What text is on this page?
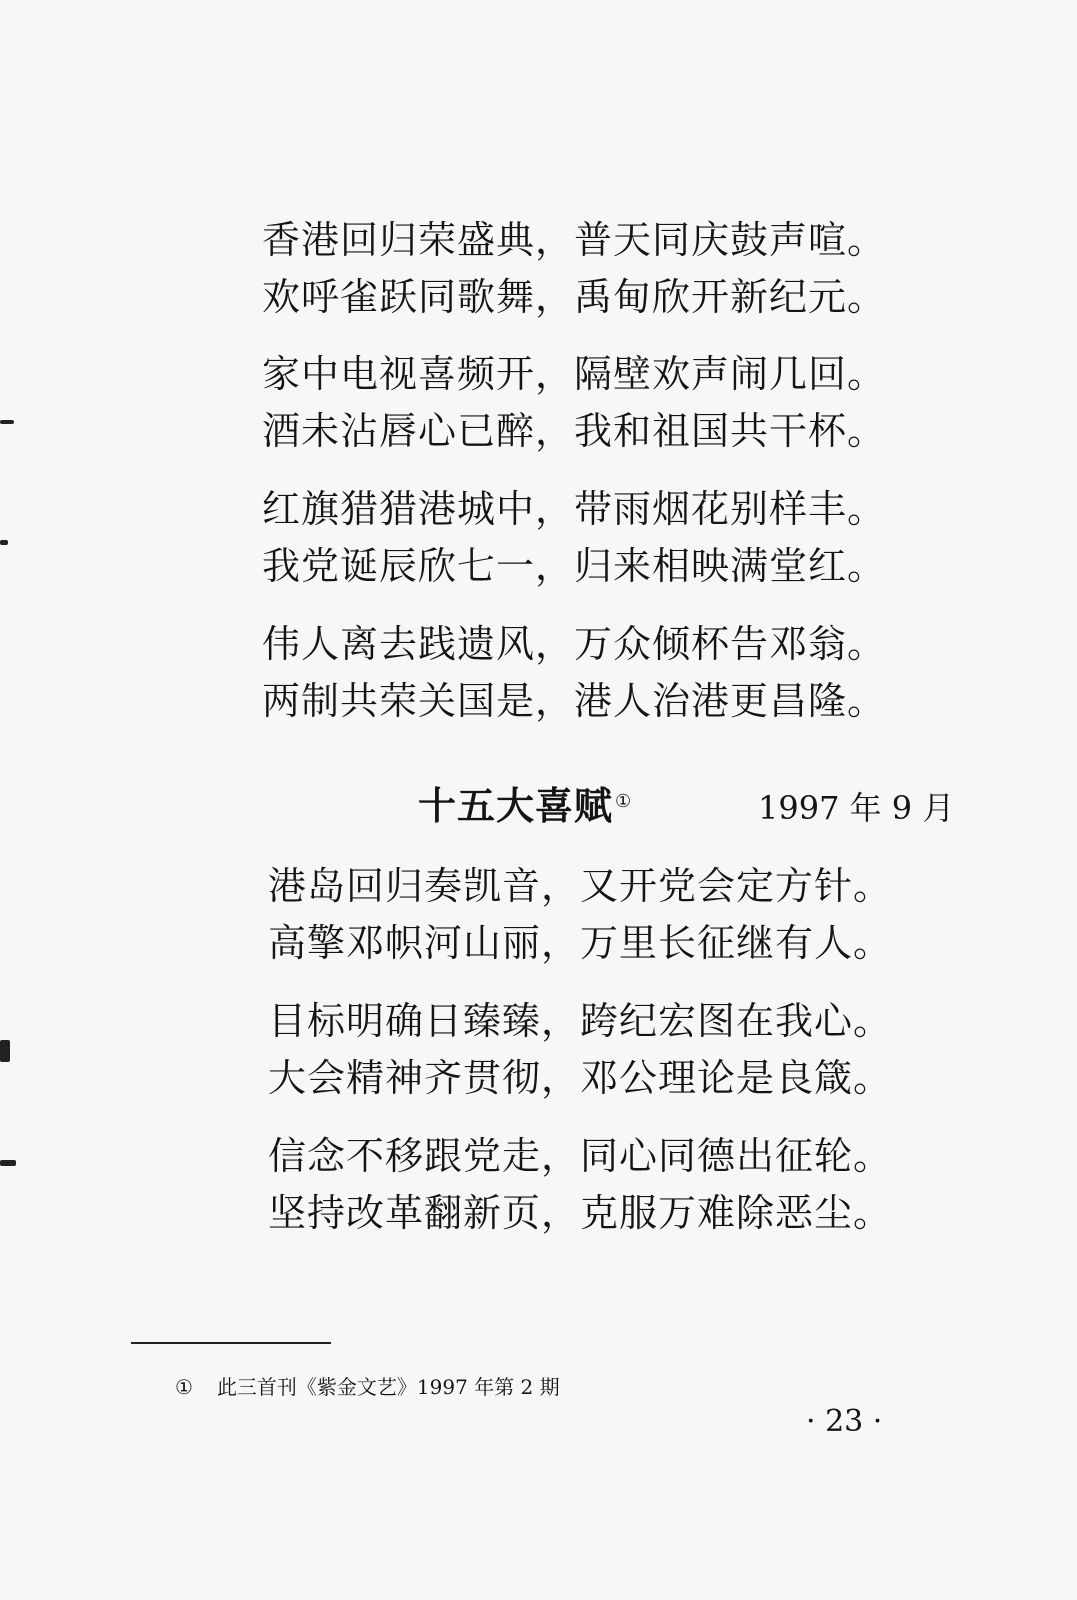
香港回归荣盛典，普天同庆鼓声喧。
欢呼雀跃同歌舞，禹甸欣开新纪元。
家中电视喜频开，隔壁欢声闹几回。
酒未沾唇心已醉，我和祖国共干杯。
红旗猎猎港城中，带雨烟花别样丰。
我党诞辰欣七一，归来相映满堂红。
伟人离去践遗风，万众倾杯告邓翁。
两制共荣关国是，港人治港更昌隆。
十五大喜赋 ①	1997 年 9 月
港岛回归奏凯音，又开党会定方针。
高擎邓帜河山丽，万里长征继有人。
目标明确日臻臻，跨纪宏图在我心。
大会精神齐贯彻，邓公理论是良箴。
信念不移跟党走，同心同德出征轮。
坚持改革翻新页，克服万难除恶尘。
① 此三首刊《紫金文艺》1997 年第 2 期
· 23 ·
